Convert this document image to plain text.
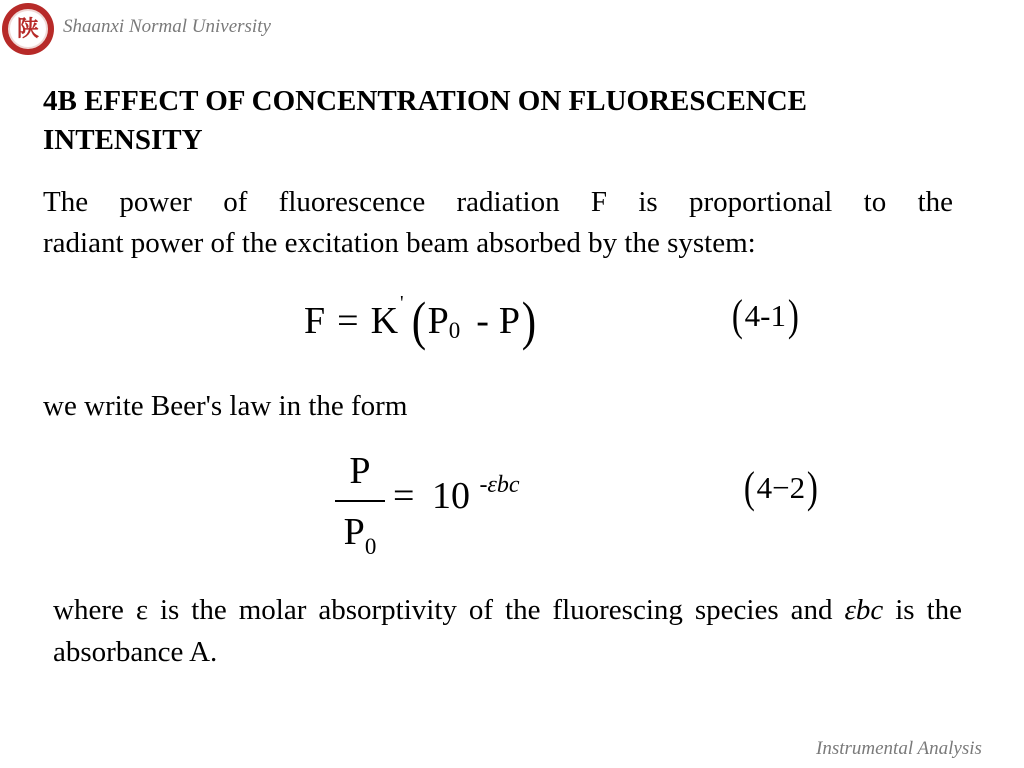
陕 Shaanxi Normal University
4B EFFECT OF CONCENTRATION ON FLUORESCENCE INTENSITY
The power of fluorescence radiation F is proportional to the
radiant power of the excitation beam absorbed by the system:
F = K ' ( P 0 - P )	( 4-1 )
we write Beer's law in the form
P
$P_0$
= 10 $^{-\varepsilon bc}$	( 4−2 )
where ε is the molar absorptivity of the fluorescing species and εbc is the absorbance A.
Instrumental Analysis
